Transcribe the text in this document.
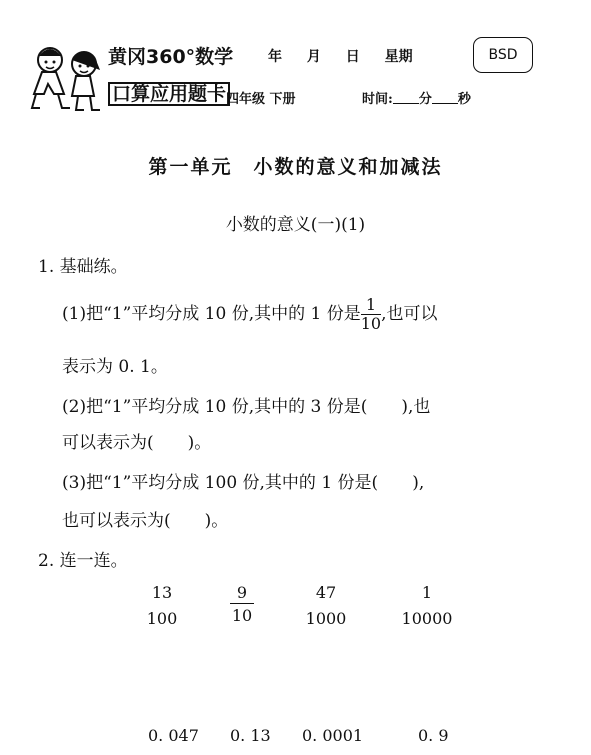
黄冈360°数学
口算应用题卡
年 月 日 星期
四年级 下册	时间: 分 秒
BSD
第一单元　小数的意义和加减法
小数的意义(一)(1)
1. 基础练。
(1)把“1”平均分成 10 份,其中的 1 份是 $\frac{1}{10}$ ,也可以
表示为 0. 1。
(2)把“1”平均分成 10 份,其中的 3 份是(　　),也
可以表示为(　　)。
(3)把“1”平均分成 100 份,其中的 1 份是(　　),
也可以表示为(　　)。
2. 连一连。
13
100
9
10
47
1000
1
10000
0. 047 0. 13 0. 0001	0. 9
